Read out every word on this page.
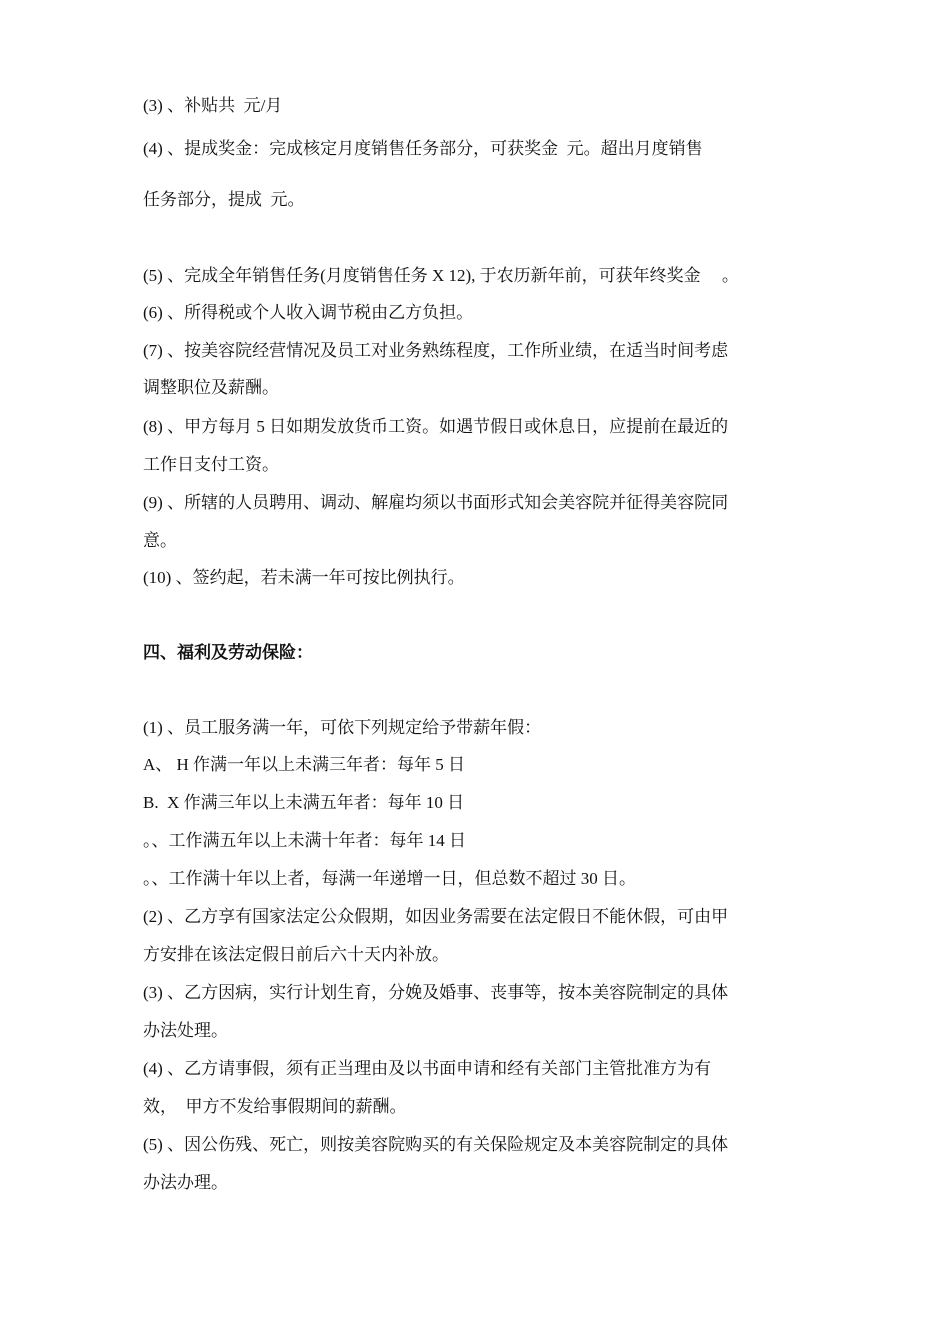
(3) 、补贴共  元/月
(4) 、提成奖金：完成核定月度销售任务部分，可获奖金  元。超出月度销售
任务部分，提成  元。
(5) 、完成全年销售任务(月度销售任务 X 12), 于农历新年前，可获年终奖金     。
(6) 、所得税或个人收入调节税由乙方负担。
(7) 、按美容院经营情况及员工对业务熟练程度，工作所业绩，在适当时间考虑
调整职位及薪酬。
(8) 、甲方每月 5 日如期发放货币工资。如遇节假日或休息日，应提前在最近的
工作日支付工资。
(9) 、所辖的人员聘用、调动、解雇均须以书面形式知会美容院并征得美容院同
意。
(10) 、签约起，若未满一年可按比例执行。
四、福利及劳动保险：
(1) 、员工服务满一年，可依下列规定给予带薪年假：
A、 H 作满一年以上未满三年者：每年 5 日
B.  X 作满三年以上未满五年者：每年 10 日
。、工作满五年以上未满十年者：每年 14 日
。、工作满十年以上者，每满一年递增一日，但总数不超过 30 日。
(2) 、乙方享有国家法定公众假期，如因业务需要在法定假日不能休假，可由甲
方安排在该法定假日前后六十天内补放。
(3) 、乙方因病，实行计划生育，分娩及婚事、丧事等，按本美容院制定的具体
办法处理。
(4) 、乙方请事假，须有正当理由及以书面申请和经有关部门主管批准方为有
效，  甲方不发给事假期间的薪酬。
(5) 、因公伤残、死亡，则按美容院购买的有关保险规定及本美容院制定的具体
办法办理。
